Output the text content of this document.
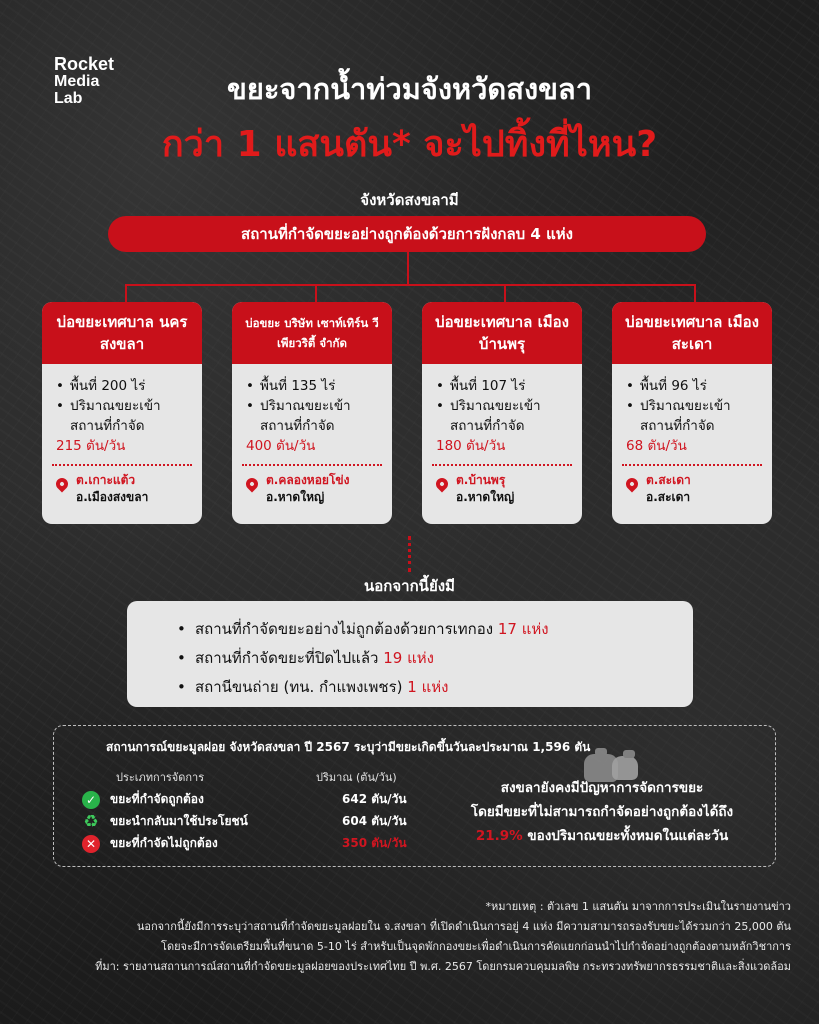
Rocket
Media
Lab	ขยะจากน้ำท่วมจังหวัดสงขลา
กว่า 1 แสนตัน* จะไปทิ้งที่ไหน?
จังหวัดสงขลามี
สถานที่กำจัดขยะอย่างถูกต้องด้วยการฝังกลบ 4 แห่ง
บ่อขยะเทศบาล นครสงขลา
• พื้นที่ 200 ไร่
• ปริมาณขยะเข้า สถานที่กำจัด
215 ตัน/วัน
ต.เกาะแต้ว
อ.เมืองสงขลา
บ่อขยะ บริษัท เซาท์เทิร์น วี เพียวริตี้ จำกัด
• พื้นที่ 135 ไร่
• ปริมาณขยะเข้า สถานที่กำจัด
400 ตัน/วัน
ต.คลองหอยโข่ง
อ.หาดใหญ่
บ่อขยะเทศบาล เมืองบ้านพรุ
• พื้นที่ 107 ไร่
• ปริมาณขยะเข้า สถานที่กำจัด
180 ตัน/วัน
ต.บ้านพรุ
อ.หาดใหญ่
บ่อขยะเทศบาล เมืองสะเดา
• พื้นที่ 96 ไร่
• ปริมาณขยะเข้า สถานที่กำจัด
68 ตัน/วัน
ต.สะเดา
อ.สะเดา
นอกจากนี้ยังมี
• สถานที่กำจัดขยะอย่างไม่ถูกต้องด้วยการเทกอง 17 แห่ง
• สถานที่กำจัดขยะที่ปิดไปแล้ว 19 แห่ง
• สถานีขนถ่าย (ทน. กำแพงเพชร) 1 แห่ง
สถานการณ์ขยะมูลฝอย จังหวัดสงขลา ปี 2567 ระบุว่ามีขยะเกิดขึ้นวันละประมาณ 1,596 ตัน
ประเภทการจัดการ	ปริมาณ (ตัน/วัน)
✓	ขยะที่กำจัดถูกต้อง	642 ตัน/วัน
♻ ขยะนำกลับมาใช้ประโยชน์	604 ตัน/วัน
✕	ขยะที่กำจัดไม่ถูกต้อง	350 ตัน/วัน
สงขลายังคงมีปัญหาการจัดการขยะ
โดยมีขยะที่ไม่สามารถกำจัดอย่างถูกต้องได้ถึง
21.9% ของปริมาณขยะทั้งหมดในแต่ละวัน
*หมายเหตุ : ตัวเลข 1 แสนตัน มาจากการประเมินในรายงานข่าว
นอกจากนี้ยังมีการระบุว่าสถานที่กำจัดขยะมูลฝอยใน จ.สงขลา ที่เปิดดำเนินการอยู่ 4 แห่ง มีความสามารถรองรับขยะได้รวมกว่า 25,000 ตัน
โดยจะมีการจัดเตรียมพื้นที่ขนาด 5-10 ไร่ สำหรับเป็นจุดพักกองขยะเพื่อดำเนินการคัดแยกก่อนนำไปกำจัดอย่างถูกต้องตามหลักวิชาการ
ที่มา: รายงานสถานการณ์สถานที่กำจัดขยะมูลฝอยของประเทศไทย ปี พ.ศ. 2567 โดยกรมควบคุมมลพิษ กระทรวงทรัพยากรธรรมชาติและสิ่งแวดล้อม
